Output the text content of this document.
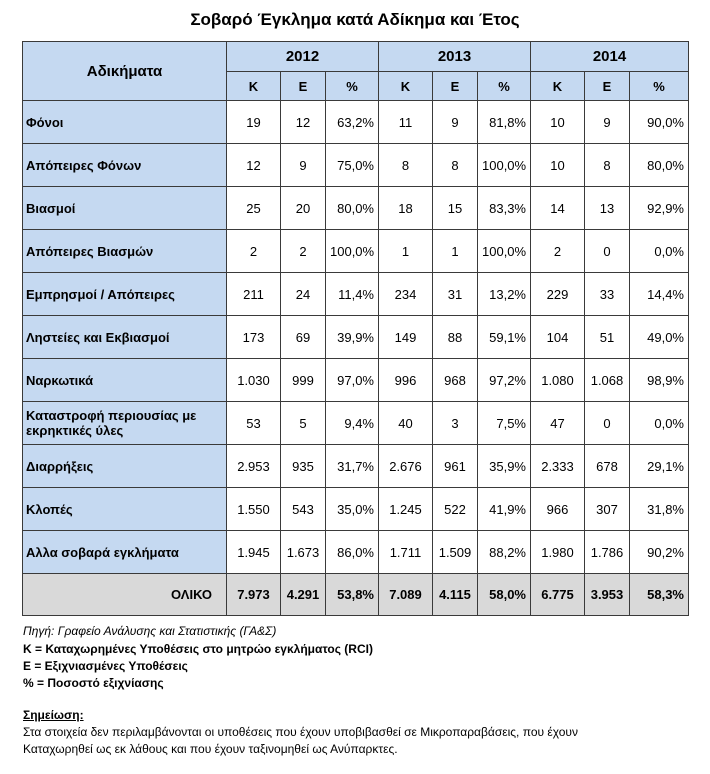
Σοβαρό Έγκλημα κατά Αδίκημα και Έτος
Αδικήματα	2012			2013			2014		
	K	E	%	K	E	%	K	E	%
Φόνοι	19	12	63,2%	11	9	81,8%	10	9	90,0%
Απόπειρες Φόνων	12	9	75,0%	8	8	100,0%	10	8	80,0%
Βιασμοί	25	20	80,0%	18	15	83,3%	14	13	92,9%
Απόπειρες Βιασμών	2	2	100,0%	1	1	100,0%	2	0	0,0%
Εμπρησμοί / Απόπειρες	211	24	11,4%	234	31	13,2%	229	33	14,4%
Ληστείες και Εκβιασμοί	173	69	39,9%	149	88	59,1%	104	51	49,0%
Ναρκωτικά	1.030	999	97,0%	996	968	97,2%	1.080	1.068	98,9%
Καταστροφή περιουσίας με εκρηκτικές ύλες	53	5	9,4%	40	3	7,5%	47	0	0,0%
Διαρρήξεις	2.953	935	31,7%	2.676	961	35,9%	2.333	678	29,1%
Κλοπές	1.550	543	35,0%	1.245	522	41,9%	966	307	31,8%
Αλλα σοβαρά εγκλήματα	1.945	1.673	86,0%	1.711	1.509	88,2%	1.980	1.786	90,2%
ΟΛΙΚΟ	7.973	4.291	53,8%	7.089	4.115	58,0%	6.775	3.953	58,3%
Πηγή: Γραφείο Ανάλυσης και Στατιστικής (ΓΑ&Σ)
K = Καταχωρημένες Υποθέσεις στο μητρώο εγκλήματος (RCI)
E = Εξιχνιασμένες Υποθέσεις
% = Ποσοστό εξιχνίασης
Σημείωση:
Στα στοιχεία δεν περιλαμβάνονται οι υποθέσεις που έχουν υποβιβασθεί σε Μικροπαραβάσεις, που έχουν
Καταχωρηθεί ως εκ λάθους και που έχουν ταξινομηθεί ως Ανύπαρκτες.
